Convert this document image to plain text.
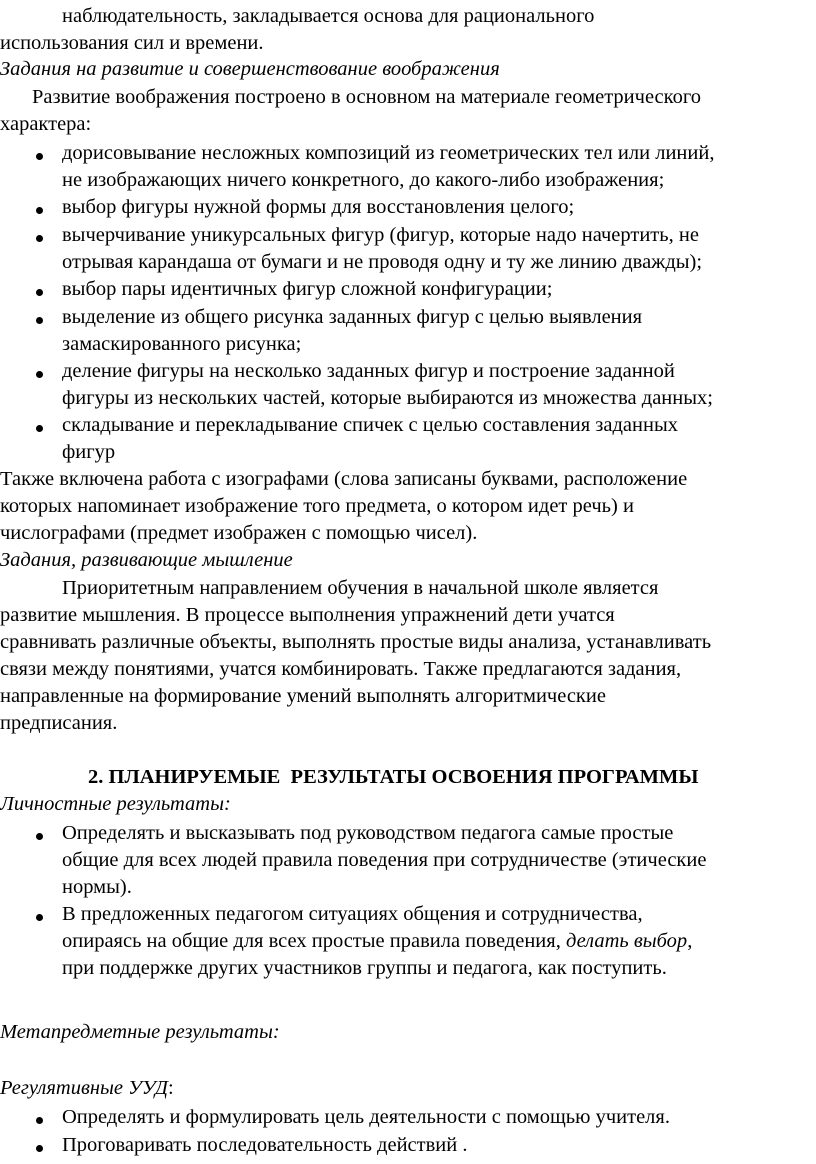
наблюдательность, закладывается основа для рационального
использования сил и времени.
Задания на развитие и совершенствование воображения
Развитие воображения построено в основном на материале геометрического
характера:
дорисовывание несложных композиций из геометрических тел или линий,
не изображающих ничего конкретного, до какого-либо изображения;
выбор фигуры нужной формы для восстановления целого;
вычерчивание уникурсальных фигур (фигур, которые надо начертить, не
отрывая карандаша от бумаги и не проводя одну и ту же линию дважды);
выбор пары идентичных фигур сложной конфигурации;
выделение из общего рисунка заданных фигур с целью выявления
замаскированного рисунка;
деление фигуры на несколько заданных фигур и построение заданной
фигуры из нескольких частей, которые выбираются из множества данных;
складывание и перекладывание спичек с целью составления заданных
фигур
Также включена работа с изографами (слова записаны буквами, расположение
которых напоминает изображение того предмета, о котором идет речь) и
числографами (предмет изображен с помощью чисел).
Задания, развивающие мышление
Приоритетным направлением обучения в начальной школе является
развитие мышления. В процессе выполнения упражнений дети учатся
сравнивать различные объекты, выполнять простые виды анализа, устанавливать
связи между понятиями, учатся комбинировать. Также предлагаются задания,
направленные на формирование умений выполнять алгоритмические
предписания.
2. ПЛАНИРУЕМЫЕ  РЕЗУЛЬТАТЫ ОСВОЕНИЯ ПРОГРАММЫ
Личностные результаты:
Определять и высказывать под руководством педагога самые простые
общие для всех людей правила поведения при сотрудничестве (этические
нормы).
В предложенных педагогом ситуациях общения и сотрудничества,
опираясь на общие для всех простые правила поведения, делать выбор,
при поддержке других участников группы и педагога, как поступить.
Метапредметные результаты:
Регулятивные УУД:
Определять и формулировать цель деятельности с помощью учителя.
Проговаривать последовательность действий .
